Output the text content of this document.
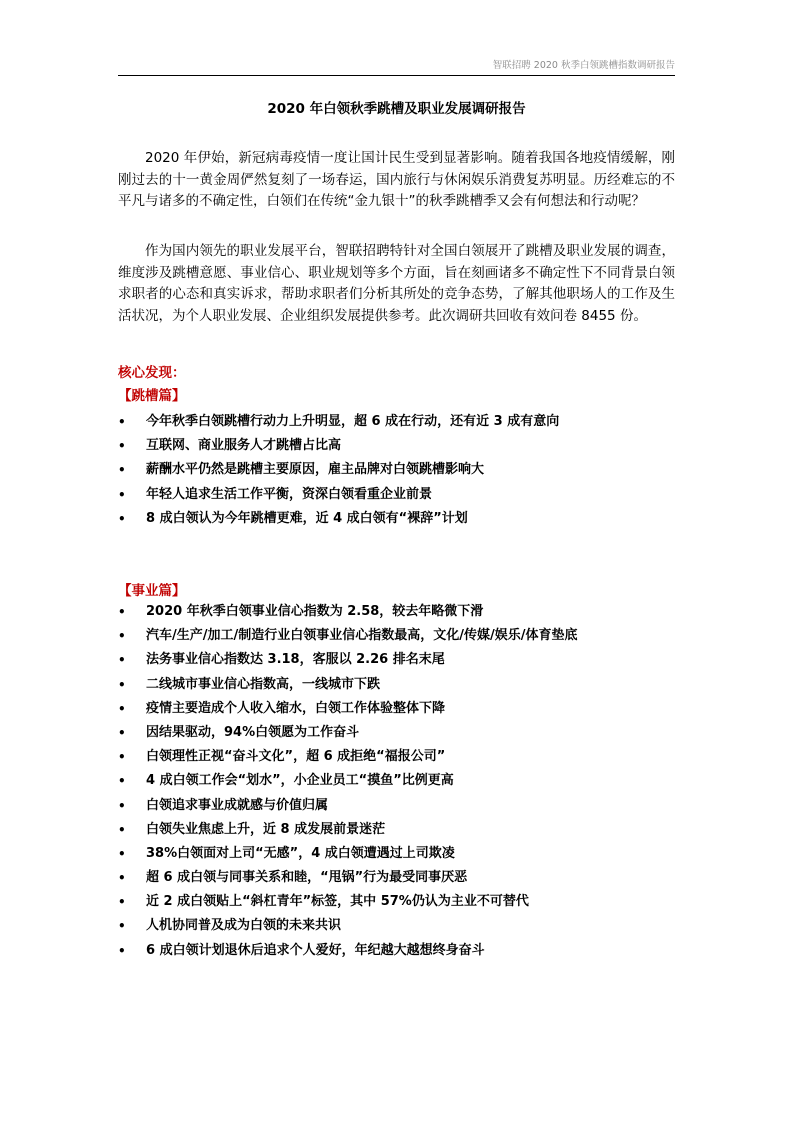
智联招聘 2020 秋季白领跳槽指数调研报告
2020 年白领秋季跳槽及职业发展调研报告

2020 年伊始，新冠病毒疫情一度让国计民生受到显著影响。随着我国各地疫情缓解，刚刚过去的十一黄金周俨然复刻了一场春运，国内旅行与休闲娱乐消费复苏明显。历经难忘的不平凡与诸多的不确定性，白领们在传统“金九银十”的秋季跳槽季又会有何想法和行动呢？

作为国内领先的职业发展平台，智联招聘特针对全国白领展开了跳槽及职业发展的调查，维度涉及跳槽意愿、事业信心、职业规划等多个方面，旨在刻画诸多不确定性下不同背景白领求职者的心态和真实诉求，帮助求职者们分析其所处的竞争态势，了解其他职场人的工作及生活状况，为个人职业发展、企业组织发展提供参考。此次调研共回收有效问卷 8455 份。

核心发现：
【跳槽篇】
•	今年秋季白领跳槽行动力上升明显，超 6 成在行动，还有近 3 成有意向
•	互联网、商业服务人才跳槽占比高
•	薪酬水平仍然是跳槽主要原因，雇主品牌对白领跳槽影响大
•	年轻人追求生活工作平衡，资深白领看重企业前景
•	8 成白领认为今年跳槽更难，近 4 成白领有“裸辞”计划
【事业篇】
•	2020 年秋季白领事业信心指数为 2.58，较去年略微下滑
•	汽车/生产/加工/制造行业白领事业信心指数最高，文化/传媒/娱乐/体育垫底
•	法务事业信心指数达 3.18，客服以 2.26 排名末尾
•	二线城市事业信心指数高，一线城市下跌
•	疫情主要造成个人收入缩水，白领工作体验整体下降
•	因结果驱动，94%白领愿为工作奋斗
•	白领理性正视“奋斗文化”，超 6 成拒绝“福报公司”
•	4 成白领工作会“划水”，小企业员工“摸鱼”比例更高
•	白领追求事业成就感与价值归属
•	白领失业焦虑上升，近 8 成发展前景迷茫
•	38%白领面对上司“无感”，4 成白领遭遇过上司欺凌
•	超 6 成白领与同事关系和睦，“甩锅”行为最受同事厌恶
•	近 2 成白领贴上“斜杠青年”标签，其中 57%仍认为主业不可替代
•	人机协同普及成为白领的未来共识
•	6 成白领计划退休后追求个人爱好，年纪越大越想终身奋斗
